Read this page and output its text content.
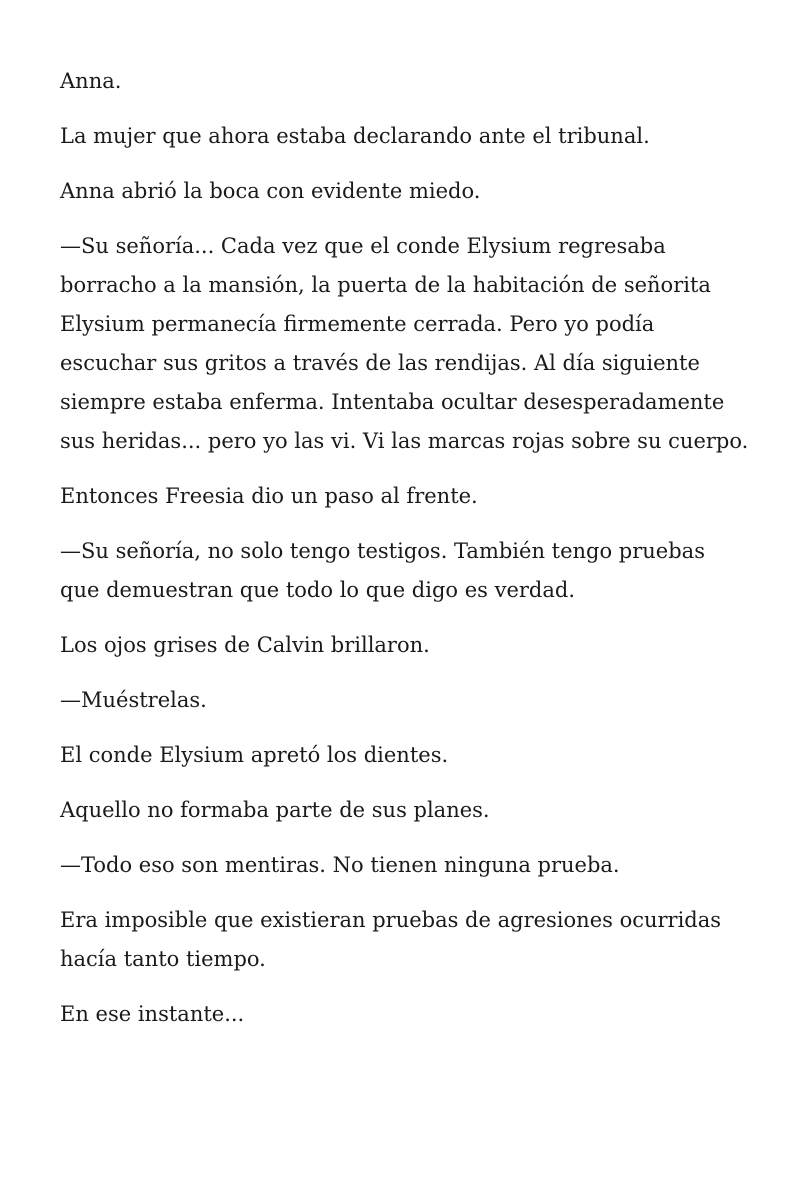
Anna.

La mujer que ahora estaba declarando ante el tribunal.

Anna abrió la boca con evidente miedo.

—Su señoría... Cada vez que el conde Elysium regresaba borracho a la mansión, la puerta de la habitación de señorita Elysium permanecía firmemente cerrada. Pero yo podía escuchar sus gritos a través de las rendijas. Al día siguiente siempre estaba enferma. Intentaba ocultar desesperadamente sus heridas... pero yo las vi. Vi las marcas rojas sobre su cuerpo.

Entonces Freesia dio un paso al frente.

—Su señoría, no solo tengo testigos. También tengo pruebas que demuestran que todo lo que digo es verdad.

Los ojos grises de Calvin brillaron.

—Muéstrelas.

El conde Elysium apretó los dientes.

Aquello no formaba parte de sus planes.

—Todo eso son mentiras. No tienen ninguna prueba.

Era imposible que existieran pruebas de agresiones ocurridas hacía tanto tiempo.

En ese instante...
